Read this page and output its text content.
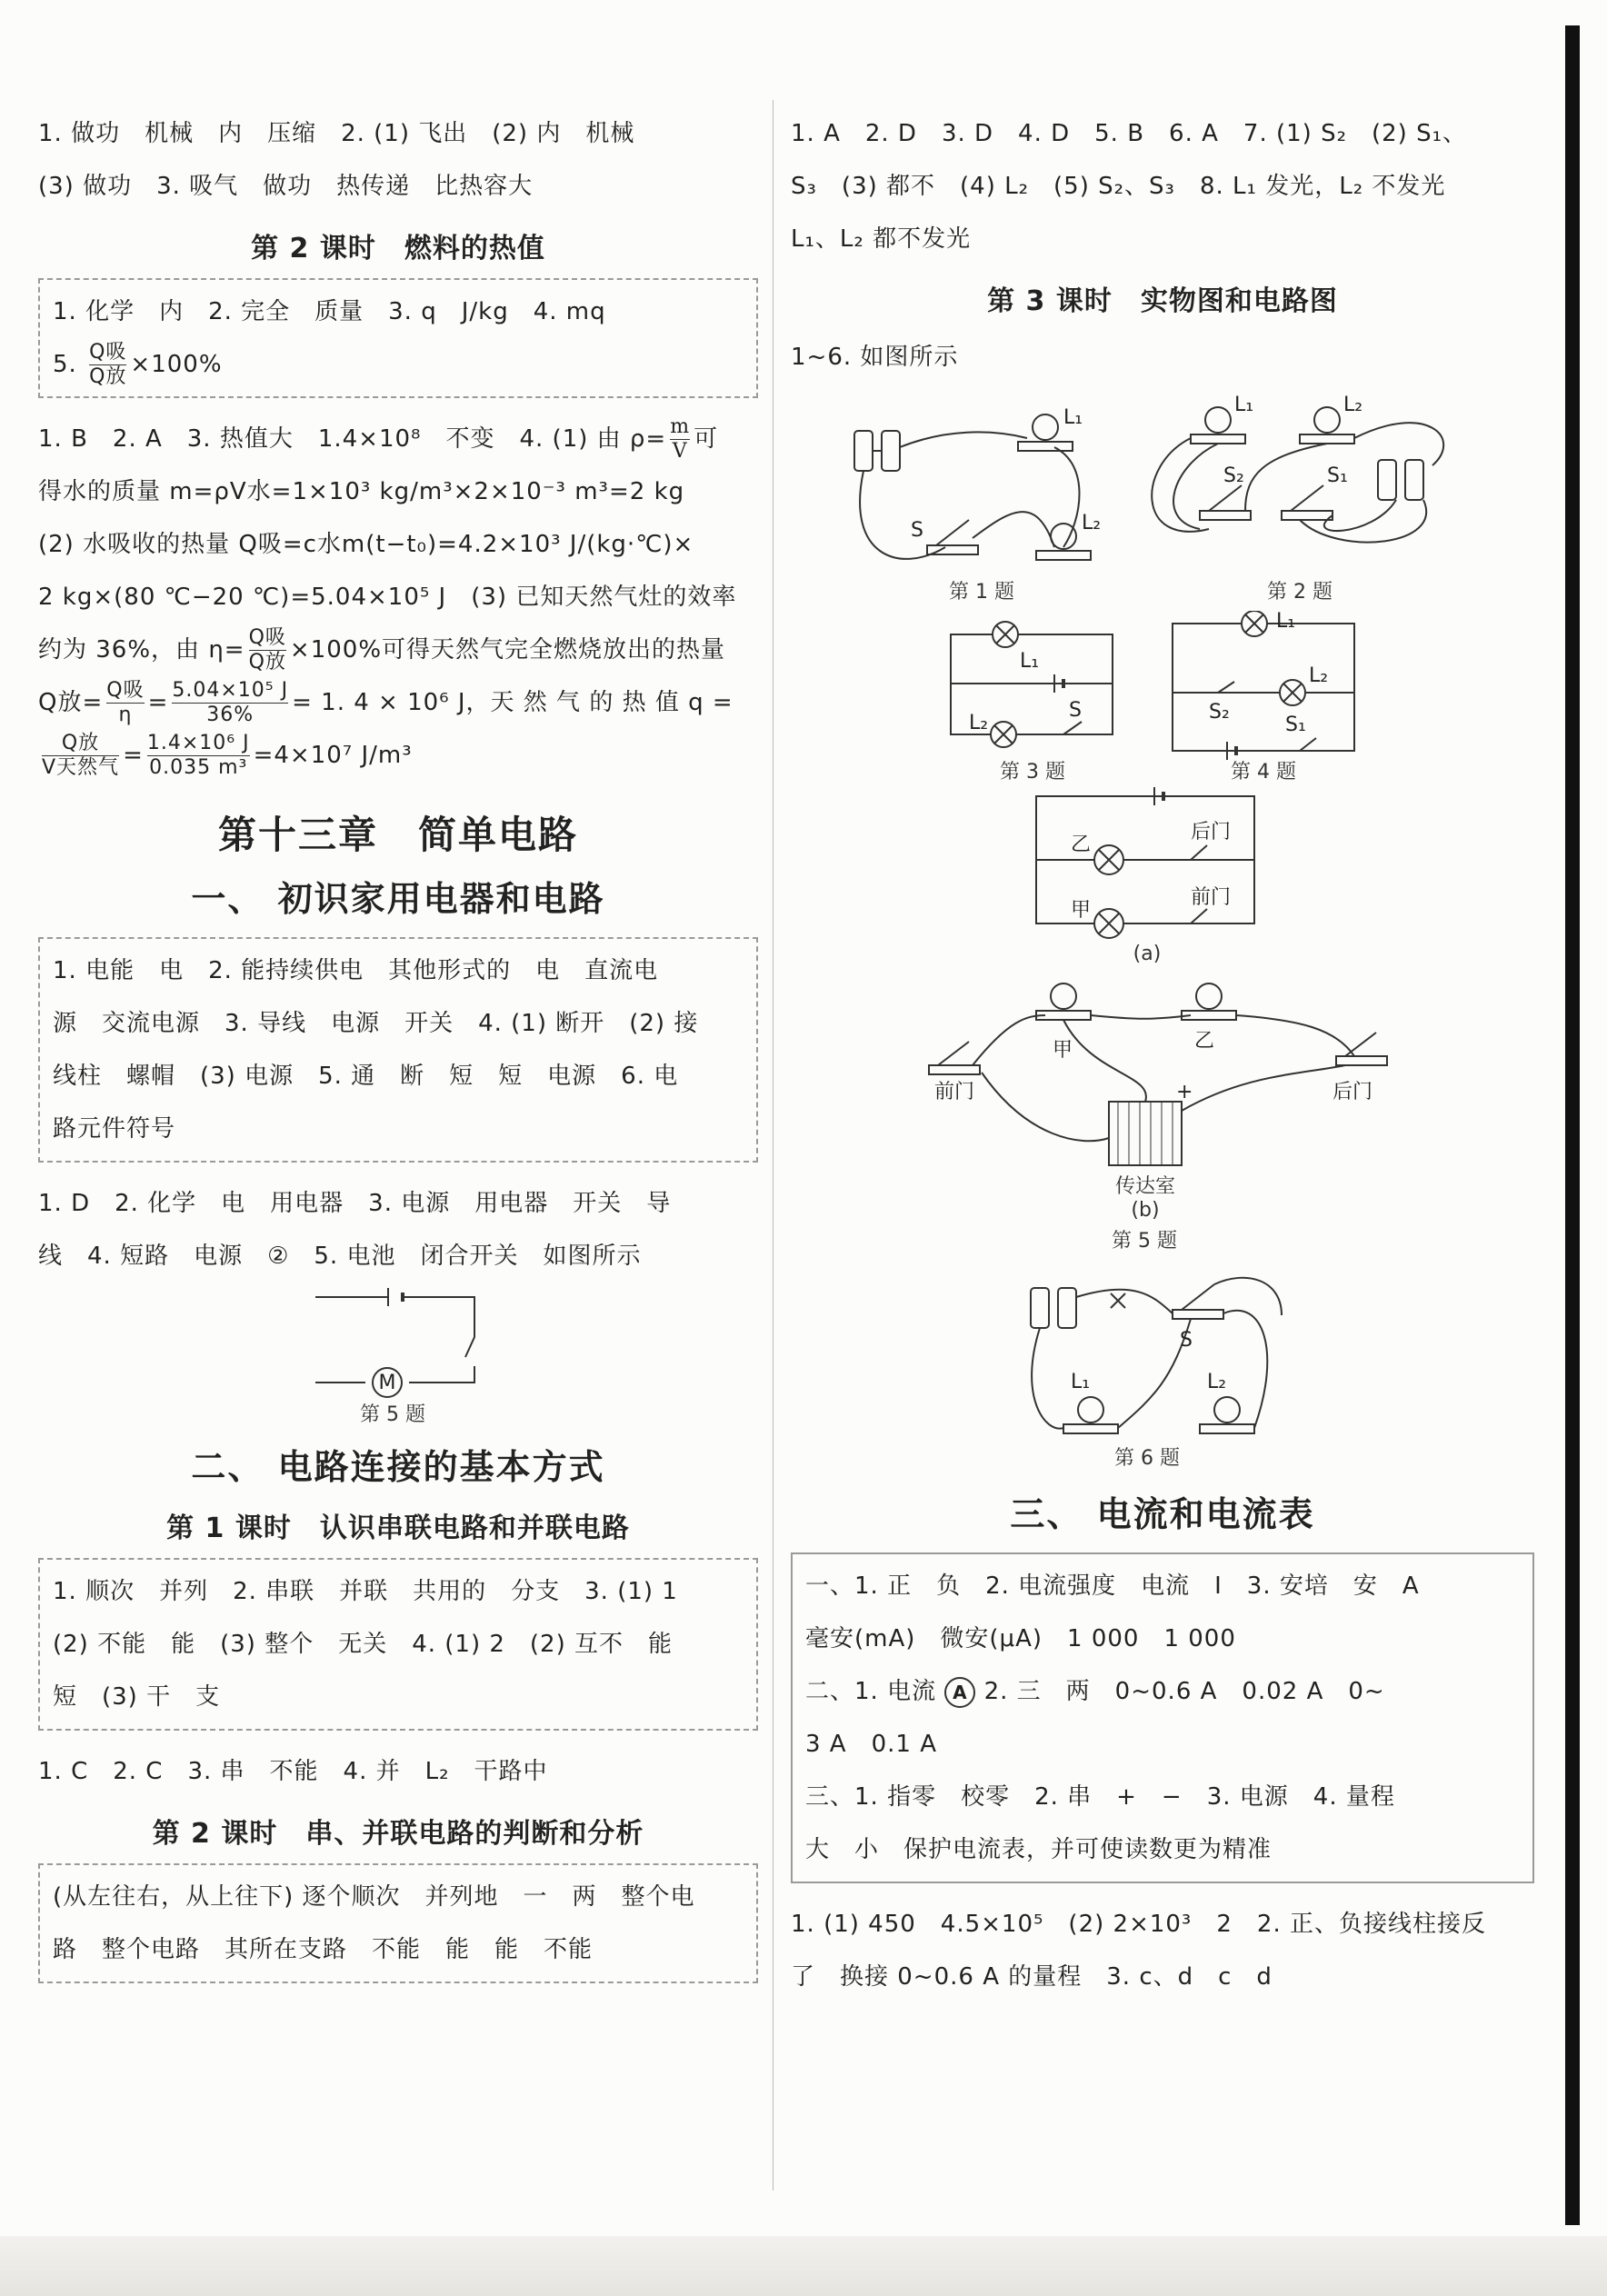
1. 做功　机械　内　压缩　2. (1) 飞出　(2) 内　机械

(3) 做功　3. 吸气　做功　热传递　比热容大

第 2 课时　燃料的热值

1. 化学　内　2. 完全　质量　3. q　J/kg　4. mq

5. $\frac{\text{Q吸}}{\text{Q放}} \times 100\%$

1. B　2. A　3. 热值大　1.4×10⁸　不变　4. (1) 由 $\rho= \frac{m}{V}$ 可

得水的质量 m=ρV水=1×10³ kg/m³×2×10⁻³ m³=2 kg

(2) 水吸收的热量 Q吸=c水m(t−t₀)=4.2×10³ J/(kg·℃)×

2 kg×(80 ℃−20 ℃)=5.04×10⁵ J　(3) 已知天然气灶的效率

约为 36%，由 $\eta= \frac{\text{Q吸}}{\text{Q放}} \times 100\%$可得天然气完全燃烧放出的热量

Q放= $\frac{\text{Q吸}}{\eta} = \frac{\text{5.04×10⁵ J}}{36\%} = 1$. 4 × 10⁶ J，天 然 气 的 热 值 q =

$\frac{\text{Q放}}{\text{V天然气}} = \frac{\text{1.4×10⁶ J}}{\text{0.035 m³}} =4\times 10^7$ J/m³

第十三章　简单电路
一、 初识家用电器和电路

1. 电能　电　2. 能持续供电　其他形式的　电　直流电

源　交流电源　3. 导线　电源　开关　4. (1) 断开　(2) 接

线柱　螺帽　(3) 电源　5. 通　断　短　短　电源　6. 电

路元件符号

1. D　2. 化学　电　用电器　3. 电源　用电器　开关　导

线　4. 短路　电源　②　5. 电池　闭合开关　如图所示

M
第 5 题
二、 电路连接的基本方式
第 1 课时　认识串联电路和并联电路

1. 顺次　并列　2. 串联　并联　共用的　分支　3. (1) 1

(2) 不能　能　(3) 整个　无关　4. (1) 2　(2) 互不　能

短　(3) 干　支

1. C　2. C　3. 串　不能　4. 并　L₂　干路中

第 2 课时　串、并联电路的判断和分析

(从左往右，从上往下) 逐个顺次　并列地　一　两　整个电

路　整个电路　其所在支路　不能　能　能　不能

1. A　2. D　3. D　4. D　5. B　6. A　7. (1) S₂　(2) S₁、

S₃　(3) 都不　(4) L₂　(5) S₂、S₃　8. L₁ 发光，L₂ 不发光

L₁、L₂ 都不发光

第 3 课时　实物图和电路图

1~6. 如图所示

L₁
L₂
S
L₁	L₂
S₂	S₁
第 1 题	第 2 题
L₁
L₂
S
L₁
L₂
S₂
S₁
第 3 题	第 4 题
乙
甲
后门
前门
(a)
甲	乙
前门	后门
+
传达室
(b)
第 5 题
S
L₁	L₂
第 6 题
三、 电流和电流表

一、1. 正　负　2. 电流强度　电流　I　3. 安培　安　A

毫安(mA)　微安(μA)　1 000　1 000

二、1. 电流 A 2. 三　两　0~0.6 A　0.02 A　0~

3 A　0.1 A

三、1. 指零　校零　2. 串　+　−　3. 电源　4. 量程

大　小　保护电流表，并可使读数更为精准

1. (1) 450　4.5×10⁵　(2) 2×10³　2　2. 正、负接线柱接反

了　换接 0~0.6 A 的量程　3. c、d　c　d
